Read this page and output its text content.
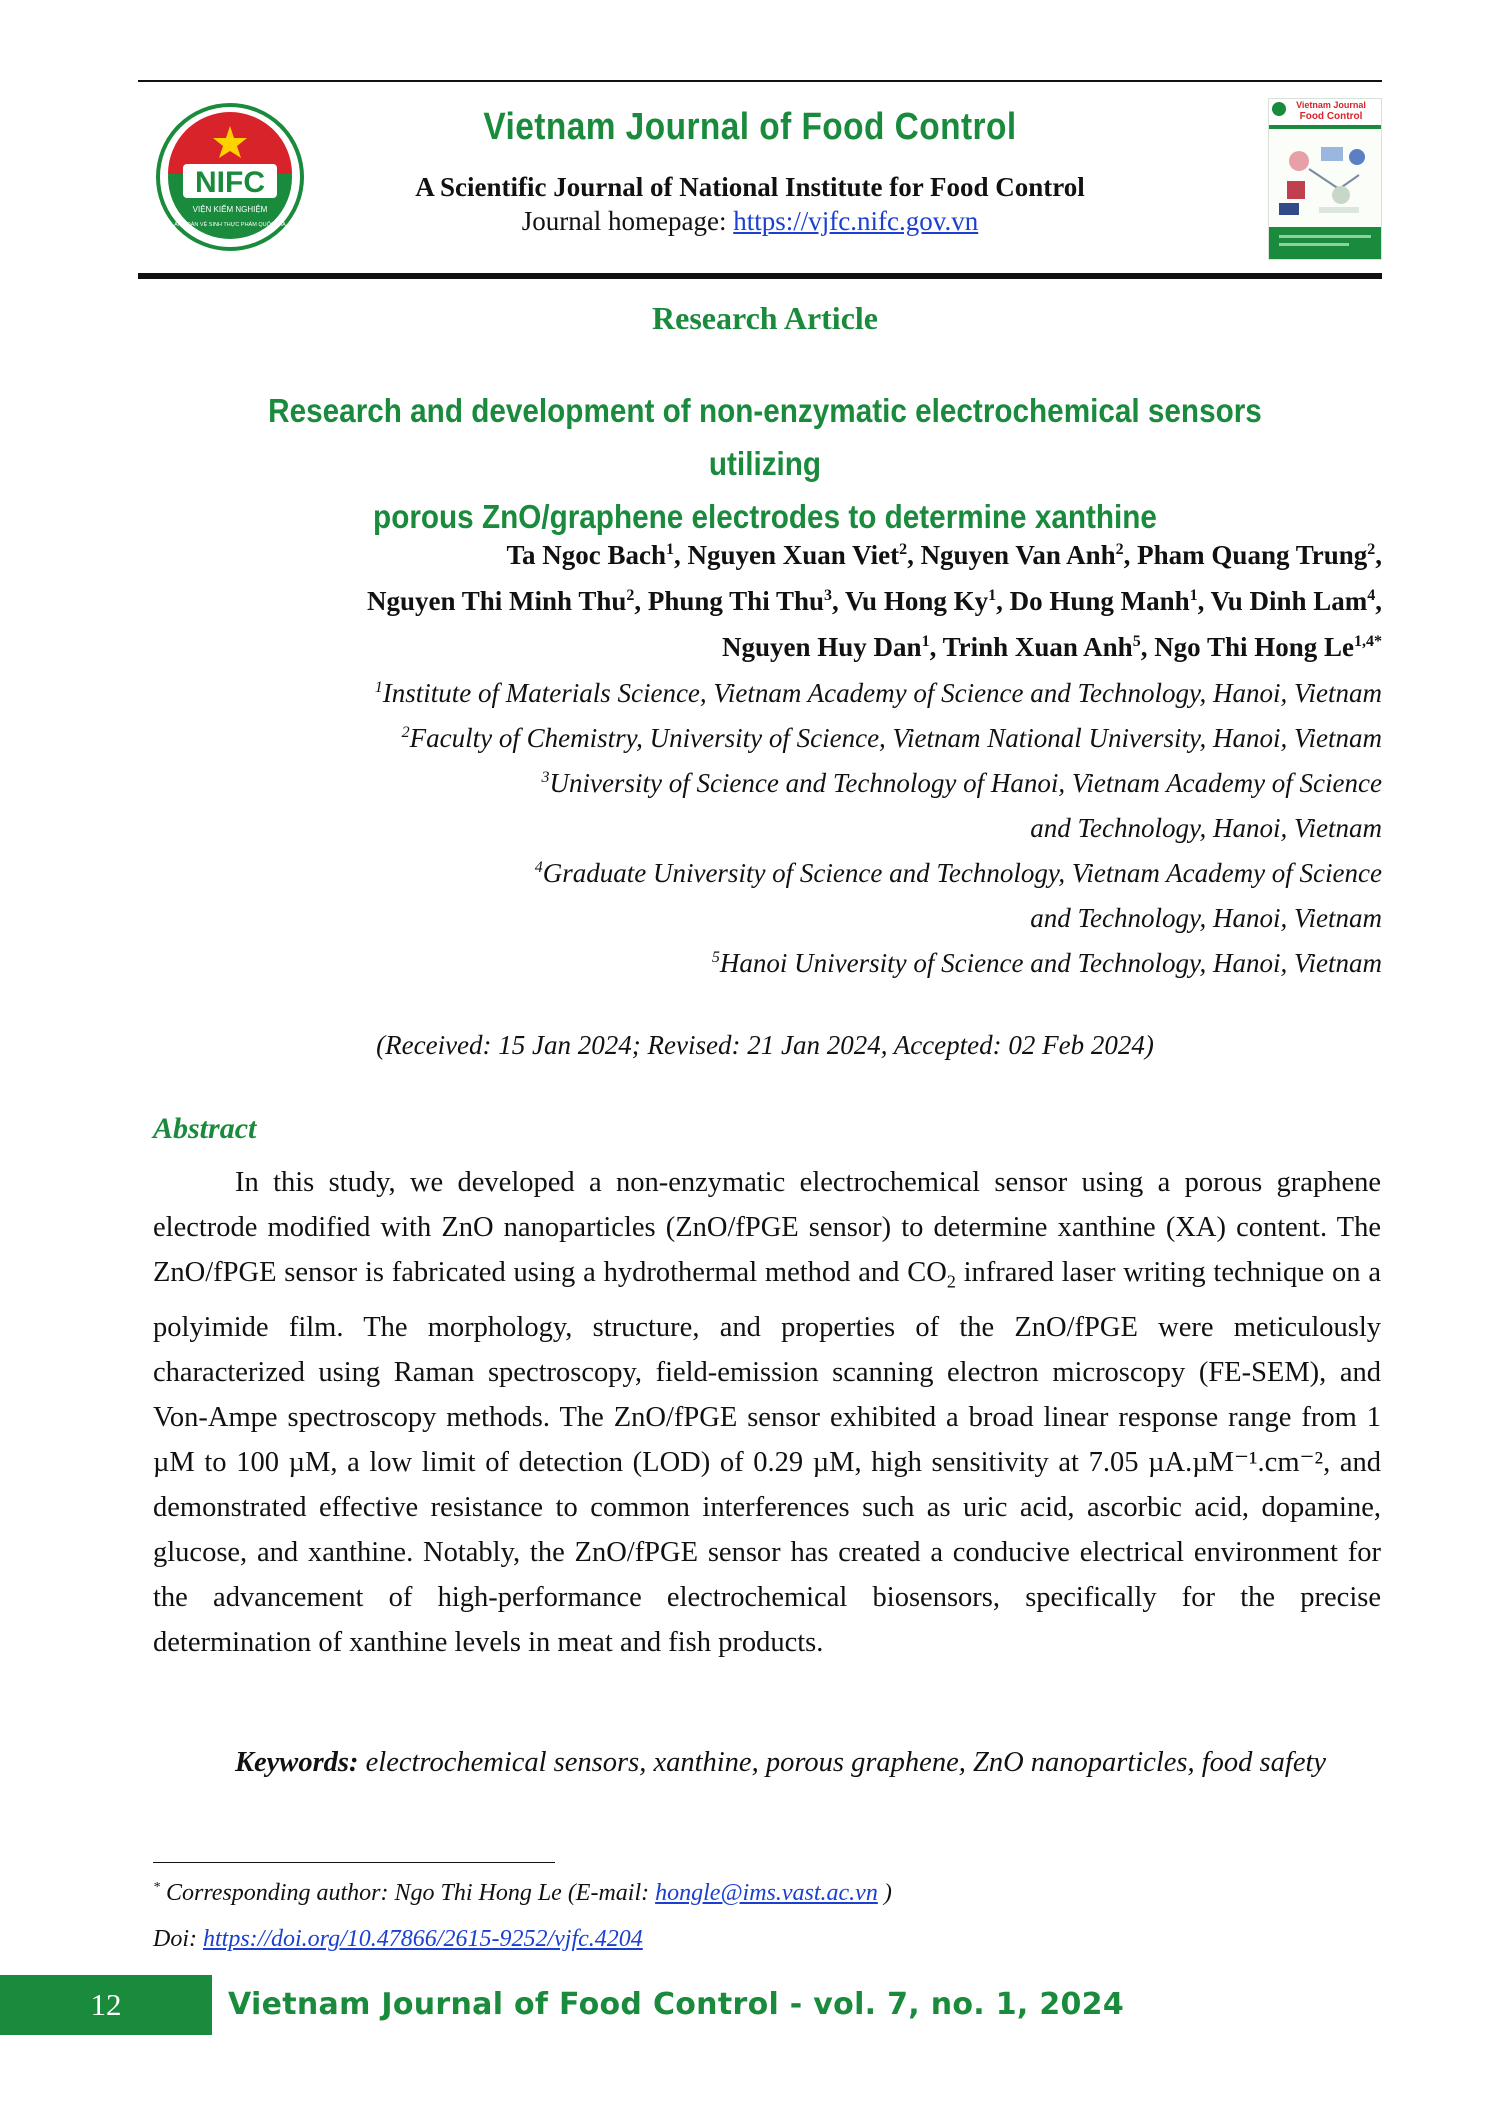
NIFC
VIỆN KIỂM NGHIỆM
AN TOÀN VỆ SINH THỰC PHẨM QUỐC GIA
Vietnam Journal of Food Control
A Scientific Journal of National Institute for Food Control
Journal homepage: https://vjfc.nifc.gov.vn
Vietnam Journal
Food Control
Research Article
Research and development of non-enzymatic electrochemical sensors utilizing
porous ZnO/graphene electrodes to determine xanthine
Ta Ngoc Bach$^1$, Nguyen Xuan Viet$^2$, Nguyen Van Anh$^2$, Pham Quang Trung$^2$,
Nguyen Thi Minh Thu$^2$, Phung Thi Thu$^3$, Vu Hong Ky$^1$, Do Hung Manh$^1$, Vu Dinh Lam$^4$,
Nguyen Huy Dan$^1$, Trinh Xuan Anh$^5$, Ngo Thi Hong $Le^{1,4*}$
$^1$Institute of Materials Science, Vietnam Academy of Science and Technology, Hanoi, Vietnam
$^2$Faculty of Chemistry, University of Science, Vietnam National University, Hanoi, Vietnam
$^3$University of Science and Technology of Hanoi, Vietnam Academy of Science
and Technology, Hanoi, Vietnam
$^4$Graduate University of Science and Technology, Vietnam Academy of Science
and Technology, Hanoi, Vietnam
$^5$Hanoi University of Science and Technology, Hanoi, Vietnam
(Received: 15 Jan 2024; Revised: 21 Jan 2024, Accepted: 02 Feb 2024)
Abstract

In this study, we developed a non-enzymatic electrochemical sensor using a porous graphene electrode modified with ZnO nanoparticles (ZnO/fPGE sensor) to determine xanthine (XA) content. The ZnO/fPGE sensor is fabricated using a hydrothermal method and $CO_2$ infrared laser writing technique on a polyimide film. The morphology, structure, and properties of the ZnO/fPGE were meticulously characterized using Raman spectroscopy, field-emission scanning electron microscopy (FE-SEM), and Von-Ampe spectroscopy methods. The ZnO/fPGE sensor exhibited a broad linear response range from 1 µM to 100 µM, a low limit of detection (LOD) of 0.29 µM, high sensitivity at 7.05 µA.µM⁻¹.cm⁻², and demonstrated effective resistance to common interferences such as uric acid, ascorbic acid, dopamine, glucose, and xanthine. Notably, the ZnO/fPGE sensor has created a conducive electrical environment for the advancement of high-performance electrochemical biosensors, specifically for the precise determination of xanthine levels in meat and fish products.

Keywords: electrochemical sensors, xanthine, porous graphene, ZnO nanoparticles, food safety

* Corresponding author: Ngo Thi Hong Le (E-mail: hongle@ims.vast.ac.vn )
Doi: https://doi.org/10.47866/2615-9252/vjfc.4204
12	Vietnam Journal of Food Control - vol. 7, no. 1, 2024
